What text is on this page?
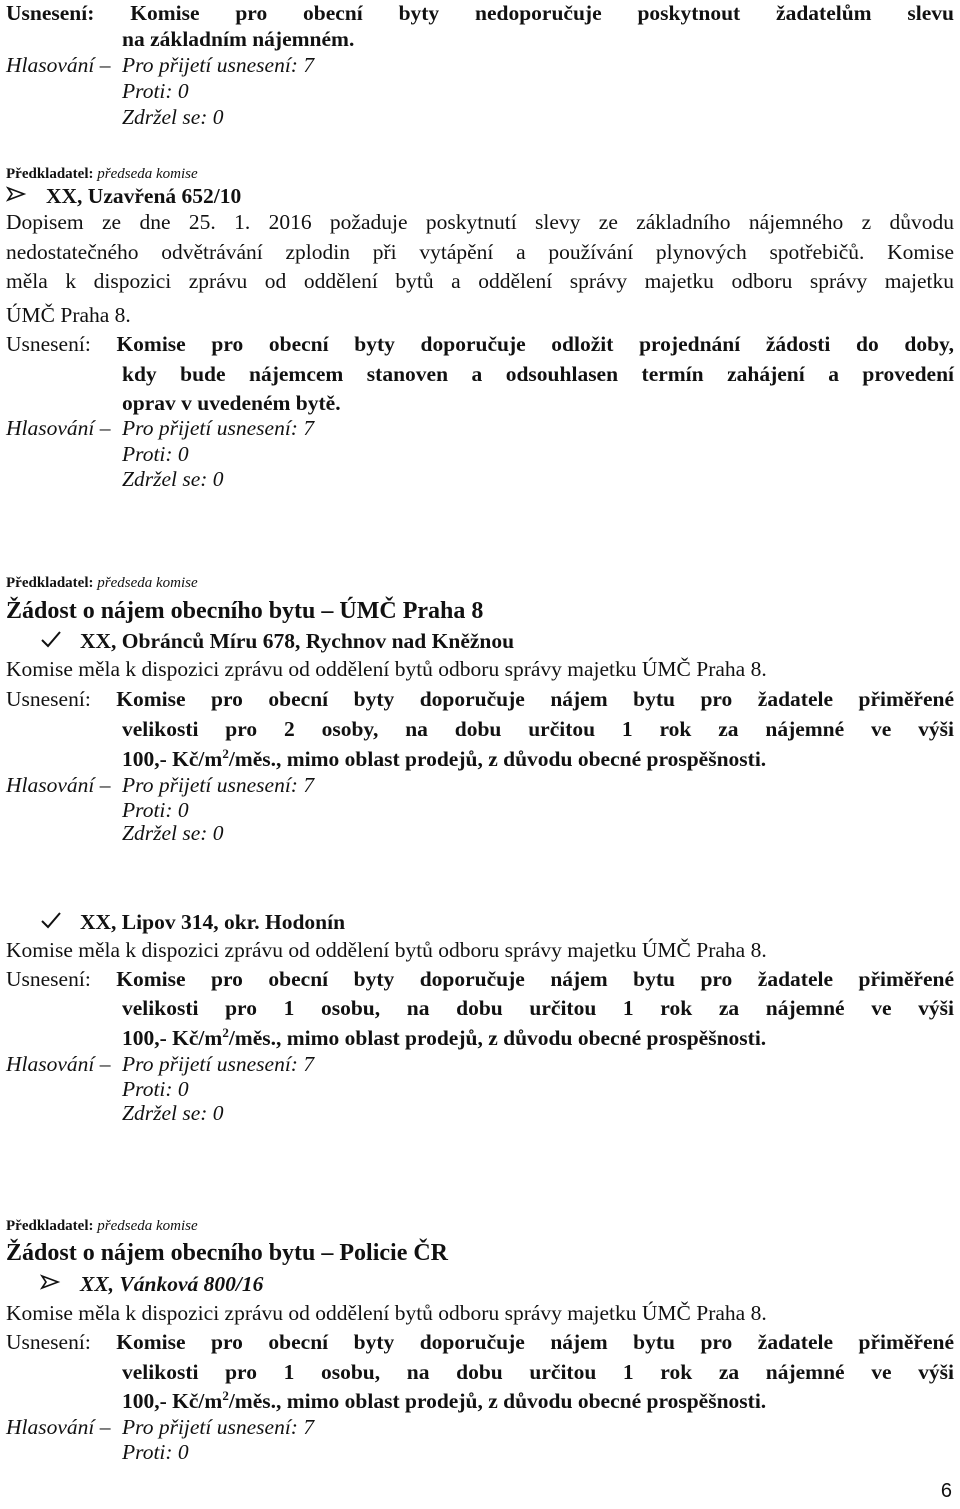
Usnesení: Komise pro obecní byty nedoporučuje poskytnout žadatelům slevu
na základním nájemném.
Hlasování – Pro přijetí usnesení: 7
Proti: 0
Zdržel se: 0
Předkladatel: předseda komise
XX, Uzavřená 652/10
Dopisem ze dne 25. 1. 2016 požaduje poskytnutí slevy ze základního nájemného z důvodu
nedostatečného odvětrávání zplodin při vytápění a používání plynových spotřebičů. Komise
měla k dispozici zprávu od oddělení bytů a oddělení správy majetku odboru správy majetku
ÚMČ Praha 8.
Usnesení: Komise pro obecní byty doporučuje odložit projednání žádosti do doby,
kdy bude nájemcem stanoven a odsouhlasen termín zahájení a provedení
oprav v uvedeném bytě.
Hlasování – Pro přijetí usnesení: 7
Proti: 0
Zdržel se: 0
Předkladatel: předseda komise
Žádost o nájem obecního bytu – ÚMČ Praha 8
XX, Obránců Míru 678, Rychnov nad Kněžnou
Komise měla k dispozici zprávu od oddělení bytů odboru správy majetku ÚMČ Praha 8.
Usnesení: Komise pro obecní byty doporučuje nájem bytu pro žadatele přiměřené
velikosti pro 2 osoby, na dobu určitou 1 rok za nájemné ve výši
100,- $Kč/m^2$/měs., mimo oblast prodejů, z důvodu obecné prospěšnosti.
Hlasování – Pro přijetí usnesení: 7
Proti: 0
Zdržel se: 0
XX, Lipov 314, okr. Hodonín
Komise měla k dispozici zprávu od oddělení bytů odboru správy majetku ÚMČ Praha 8.
Usnesení: Komise pro obecní byty doporučuje nájem bytu pro žadatele přiměřené
velikosti pro 1 osobu, na dobu určitou 1 rok za nájemné ve výši
100,- $Kč/m^2$/měs., mimo oblast prodejů, z důvodu obecné prospěšnosti.
Hlasování – Pro přijetí usnesení: 7
Proti: 0
Zdržel se: 0
Předkladatel: předseda komise
Žádost o nájem obecního bytu – Policie ČR
XX, Vánková 800/16
Komise měla k dispozici zprávu od oddělení bytů odboru správy majetku ÚMČ Praha 8.
Usnesení: Komise pro obecní byty doporučuje nájem bytu pro žadatele přiměřené
velikosti pro 1 osobu, na dobu určitou 1 rok za nájemné ve výši
100,- $Kč/m^2$/měs., mimo oblast prodejů, z důvodu obecné prospěšnosti.
Hlasování – Pro přijetí usnesení: 7
Proti: 0
6
